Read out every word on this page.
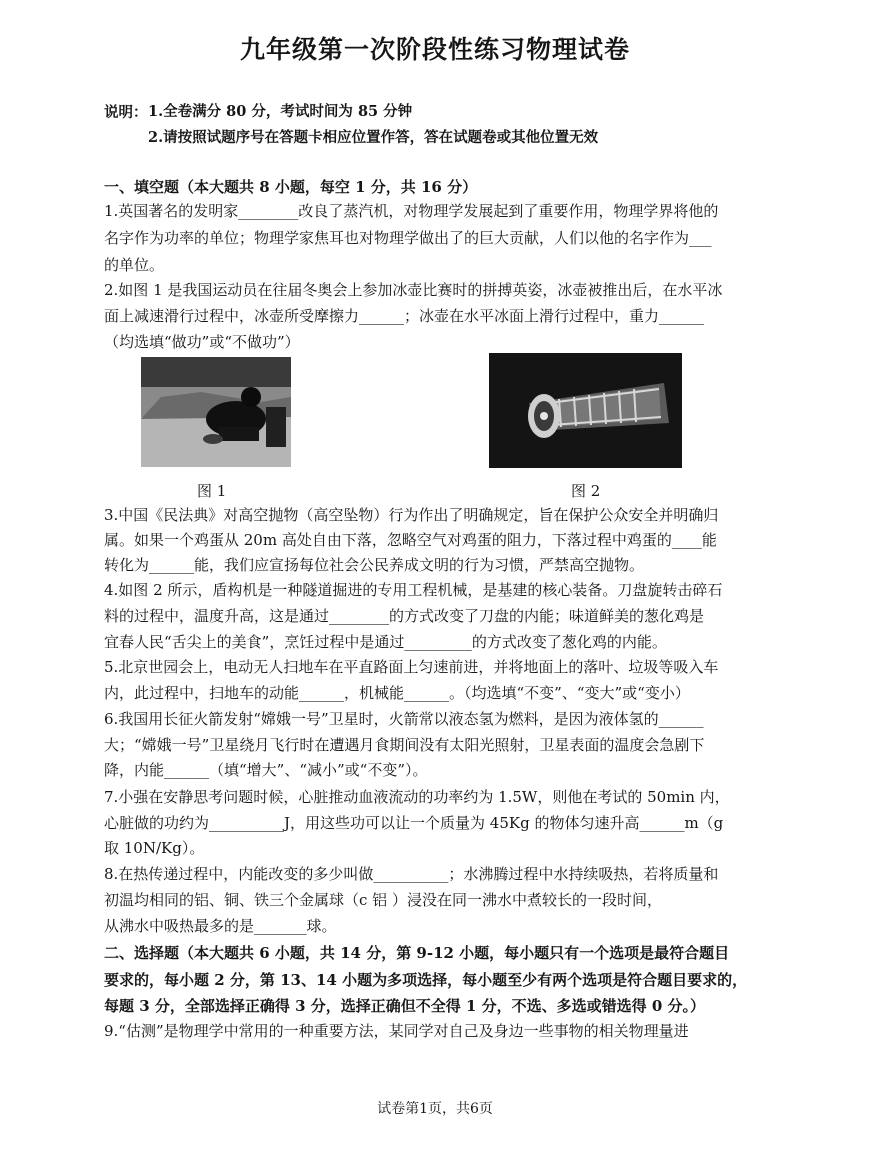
九年级第一次阶段性练习物理试卷
说明： 1.全卷满分 80 分，考试时间为 85 分钟
2.请按照试题序号在答题卡相应位置作答，答在试题卷或其他位置无效
一、填空题（本大题共 8 小题，每空 1 分，共 16 分）
1.英国著名的发明家________改良了蒸汽机，对物理学发展起到了重要作用，物理学界将他的
名字作为功率的单位；物理学家焦耳也对物理学做出了的巨大贡献，人们以他的名字作为___
的单位。
2.如图 1 是我国运动员在往届冬奥会上参加冰壶比赛时的拼搏英姿，冰壶被推出后，在水平冰
面上减速滑行过程中，冰壶所受摩擦力______；冰壶在水平冰面上滑行过程中，重力______
（均选填“做功”或“不做功”）
图 1	图 2
3.中国《民法典》对高空抛物（高空坠物）行为作出了明确规定，旨在保护公众安全并明确归
属。如果一个鸡蛋从 20m 高处自由下落，忽略空气对鸡蛋的阻力，下落过程中鸡蛋的____能
转化为______能，我们应宣扬每位社会公民养成文明的行为习惯，严禁高空抛物。
4.如图 2 所示，盾构机是一种隧道掘进的专用工程机械，是基建的核心装备。刀盘旋转击碎石
料的过程中，温度升高，这是通过________的方式改变了刀盘的内能；味道鲜美的葱化鸡是
宜春人民“舌尖上的美食”，烹饪过程中是通过_________的方式改变了葱化鸡的内能。
5.北京世园会上，电动无人扫地车在平直路面上匀速前进，并将地面上的落叶、垃圾等吸入车
内，此过程中，扫地车的动能______，机械能______。（均选填“不变”、“变大”或“变小）
6.我国用长征火箭发射“嫦娥一号”卫星时，火箭常以液态氢为燃料，是因为液体氢的______
大；“嫦娥一号”卫星绕月飞行时在遭遇月食期间没有太阳光照射，卫星表面的温度会急剧下
降，内能______（填“增大”、“减小”或“不变”）。
7.小强在安静思考问题时候，心脏推动血液流动的功率约为 1.5W，则他在考试的 50min 内，
心脏做的功约为__________J，用这些功可以让一个质量为 45Kg 的物体匀速升高______m（g
取 10N/Kg）。
8.在热传递过程中，内能改变的多少叫做__________；水沸腾过程中水持续吸热，若将质量和
初温均相同的铝、铜、铁三个金属球（c 铝 ）浸没在同一沸水中煮较长的一段时间，
从沸水中吸热最多的是_______球。
二、选择题（本大题共 6 小题，共 14 分，第 9-12 小题，每小题只有一个选项是最符合题目
要求的，每小题 2 分，第 13、14 小题为多项选择，每小题至少有两个选项是符合题目要求的，
每题 3 分，全部选择正确得 3 分，选择正确但不全得 1 分，不选、多选或错选得 0 分。）
9.“估测”是物理学中常用的一种重要方法，某同学对自己及身边一些事物的相关物理量进
试卷第1页，共6页
